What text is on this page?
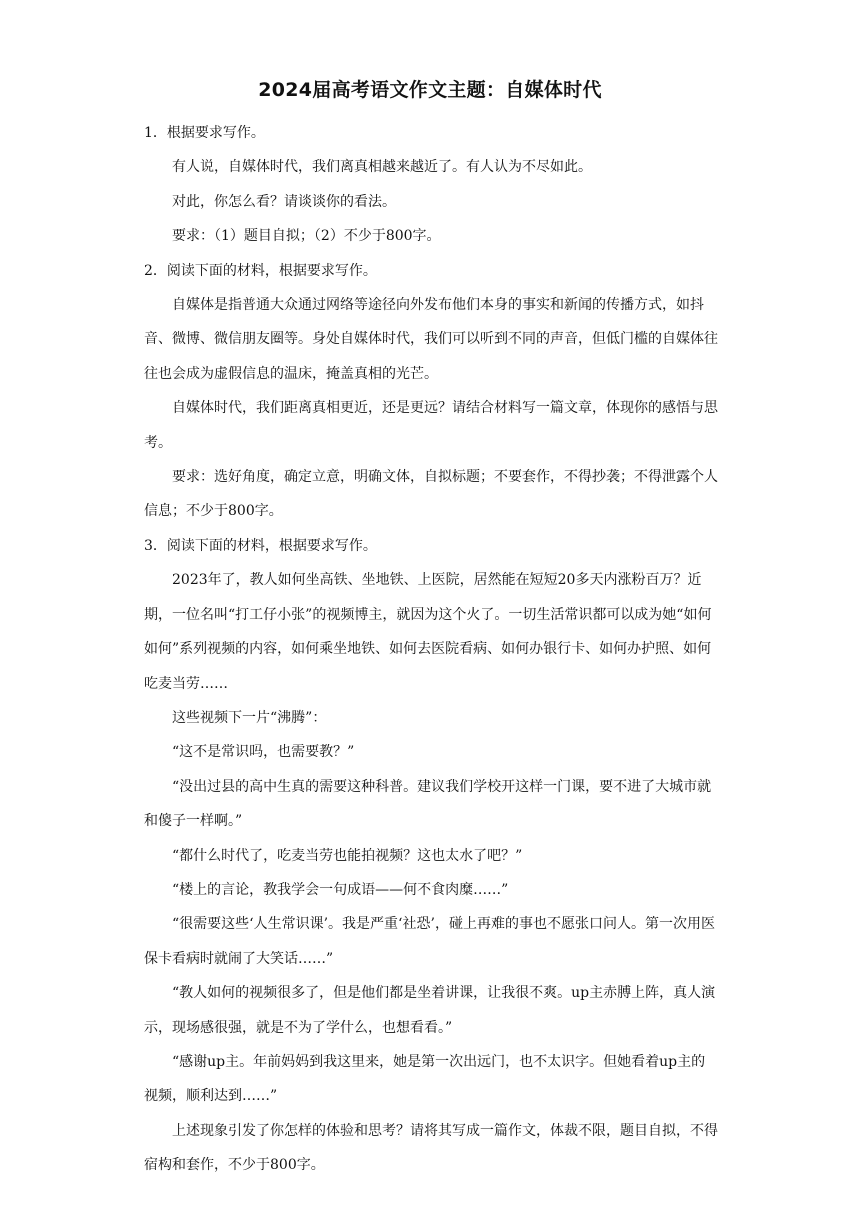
2024届高考语文作文主题：自媒体时代

1．根据要求写作。

有人说，自媒体时代，我们离真相越来越近了。有人认为不尽如此。

对此，你怎么看？请谈谈你的看法。

要求：（1）题目自拟；（2）不少于800字。

2．阅读下面的材料，根据要求写作。

自媒体是指普通大众通过网络等途径向外发布他们本身的事实和新闻的传播方式，如抖音、微博、微信朋友圈等。身处自媒体时代，我们可以听到不同的声音，但低门槛的自媒体往往也会成为虚假信息的温床，掩盖真相的光芒。

自媒体时代，我们距离真相更近，还是更远？请结合材料写一篇文章，体现你的感悟与思考。

要求：选好角度，确定立意，明确文体，自拟标题；不要套作，不得抄袭；不得泄露个人信息；不少于800字。

3．阅读下面的材料，根据要求写作。

2023年了，教人如何坐高铁、坐地铁、上医院，居然能在短短20多天内涨粉百万？近期，一位名叫“打工仔小张”的视频博主，就因为这个火了。一切生活常识都可以成为她“如何如何”系列视频的内容，如何乘坐地铁、如何去医院看病、如何办银行卡、如何办护照、如何吃麦当劳……

这些视频下一片“沸腾”：

“这不是常识吗，也需要教？”

“没出过县的高中生真的需要这种科普。建议我们学校开这样一门课，要不进了大城市就和傻子一样啊。”

“都什么时代了，吃麦当劳也能拍视频？这也太水了吧？”

“楼上的言论，教我学会一句成语——何不食肉糜……”

“很需要这些‘人生常识课’。我是严重‘社恐’，碰上再难的事也不愿张口问人。第一次用医保卡看病时就闹了大笑话……”

“教人如何的视频很多了，但是他们都是坐着讲课，让我很不爽。up主赤膊上阵，真人演示，现场感很强，就是不为了学什么，也想看看。”

“感谢up主。年前妈妈到我这里来，她是第一次出远门，也不太识字。但她看着up主的视频，顺利达到……”

上述现象引发了你怎样的体验和思考？请将其写成一篇作文，体裁不限，题目自拟，不得宿构和套作，不少于800字。
